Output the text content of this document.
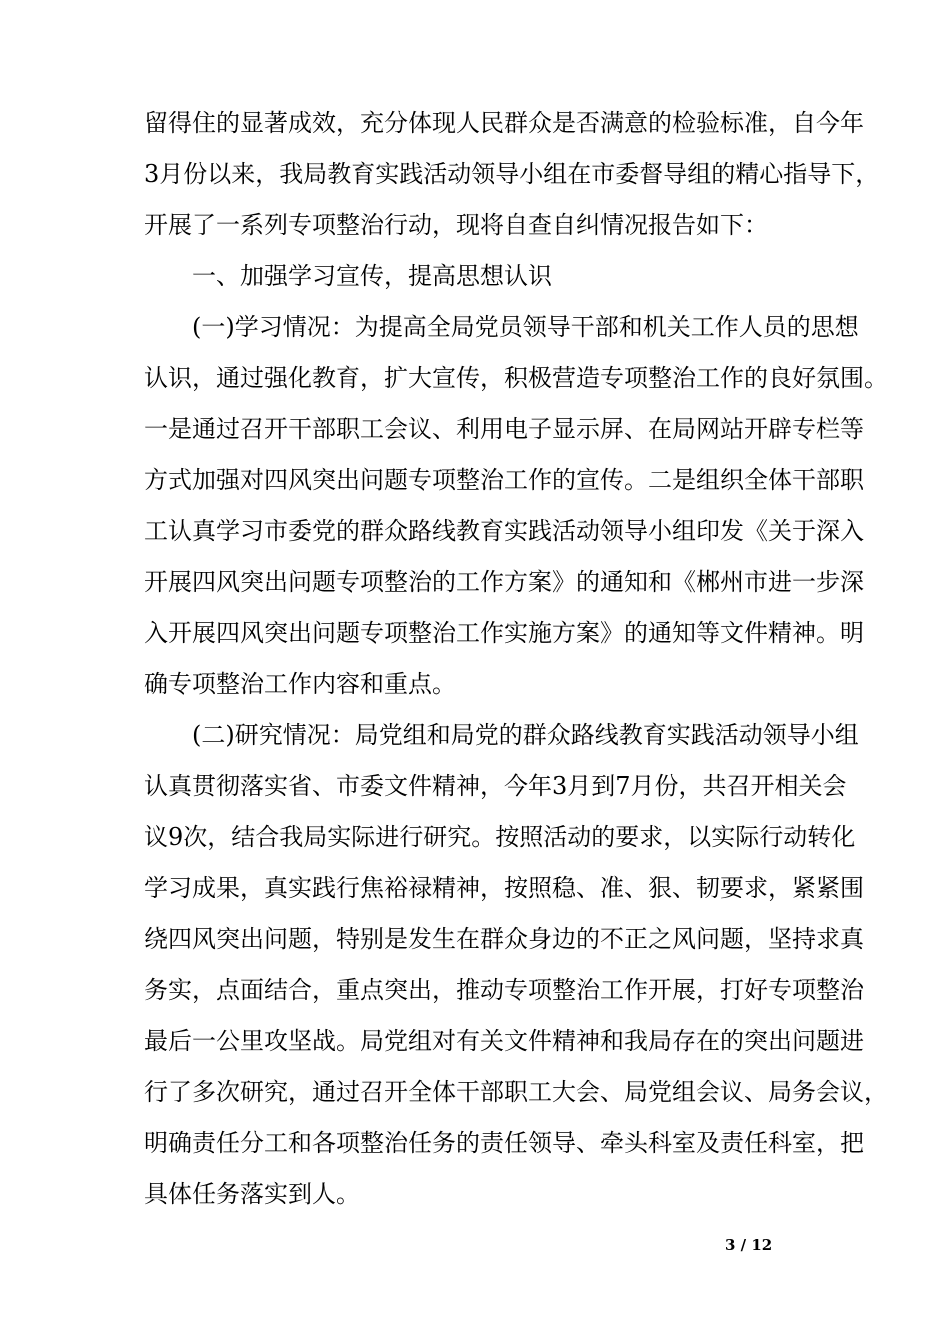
留得住的显著成效，充分体现人民群众是否满意的检验标准，自今年
3月份以来，我局教育实践活动领导小组在市委督导组的精心指导下，
开展了一系列专项整治行动，现将自查自纠情况报告如下：
一、加强学习宣传，提高思想认识
(一)学习情况：为提高全局党员领导干部和机关工作人员的思想
认识，通过强化教育，扩大宣传，积极营造专项整治工作的良好氛围。
一是通过召开干部职工会议、利用电子显示屏、在局网站开辟专栏等
方式加强对四风突出问题专项整治工作的宣传。二是组织全体干部职
工认真学习市委党的群众路线教育实践活动领导小组印发《关于深入
开展四风突出问题专项整治的工作方案》的通知和《郴州市进一步深
入开展四风突出问题专项整治工作实施方案》的通知等文件精神。明
确专项整治工作内容和重点。
(二)研究情况：局党组和局党的群众路线教育实践活动领导小组
认真贯彻落实省、市委文件精神，今年3月到7月份，共召开相关会
议9次，结合我局实际进行研究。按照活动的要求，以实际行动转化
学习成果，真实践行焦裕禄精神，按照稳、准、狠、韧要求，紧紧围
绕四风突出问题，特别是发生在群众身边的不正之风问题，坚持求真
务实，点面结合，重点突出，推动专项整治工作开展，打好专项整治
最后一公里攻坚战。局党组对有关文件精神和我局存在的突出问题进
行了多次研究，通过召开全体干部职工大会、局党组会议、局务会议，
明确责任分工和各项整治任务的责任领导、牵头科室及责任科室，把
具体任务落实到人。
3 / 12
